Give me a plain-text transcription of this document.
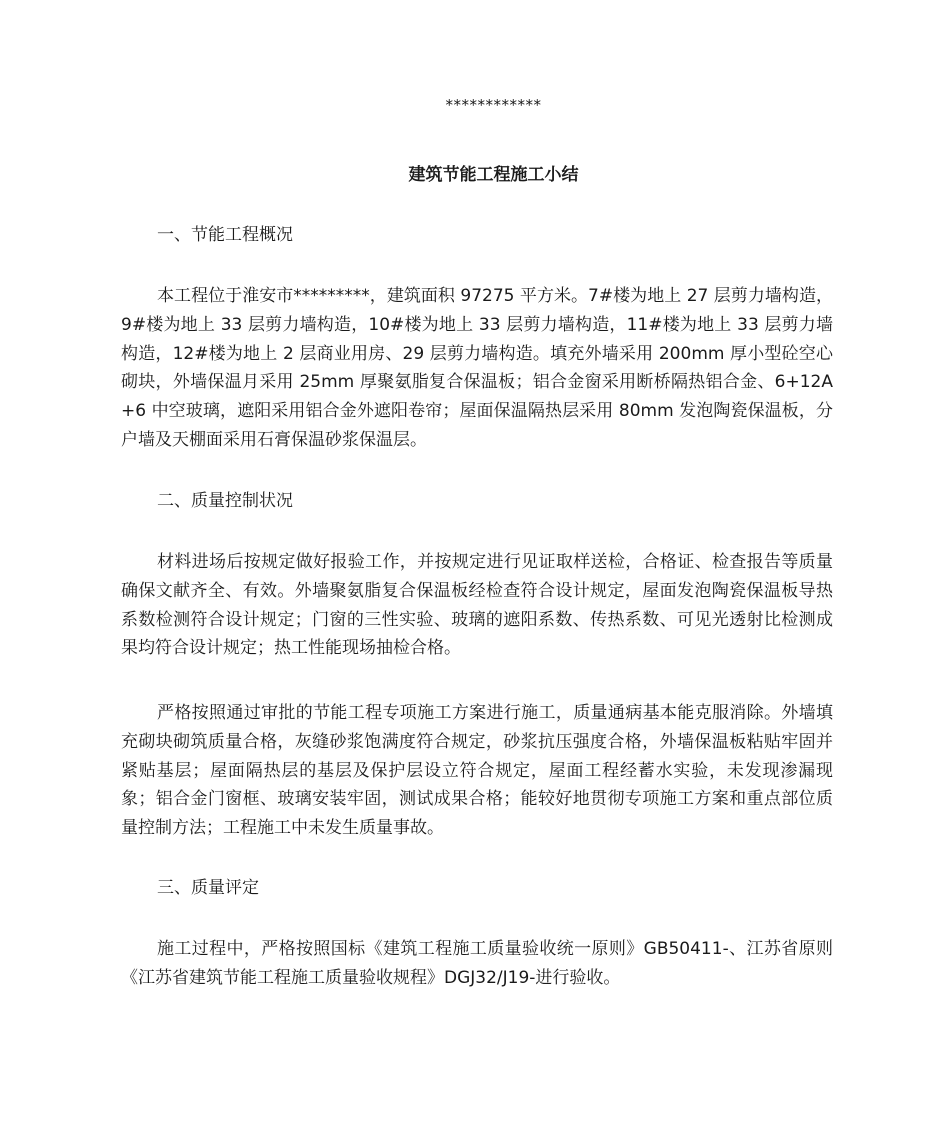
************
建筑节能工程施工小结
一、节能工程概况

本工程位于淮安市*********，建筑面积 97275 平方米。7#楼为地上 27 层剪力墙构造，9#楼为地上 33 层剪力墙构造，10#楼为地上 33 层剪力墙构造，11#楼为地上 33 层剪力墙构造，12#楼为地上 2 层商业用房、29 层剪力墙构造。填充外墙采用 200mm 厚小型砼空心砌块，外墙保温月采用 25mm 厚聚氨脂复合保温板；铝合金窗采用断桥隔热铝合金、6+12A+6 中空玻璃，遮阳采用铝合金外遮阳卷帘；屋面保温隔热层采用 80mm 发泡陶瓷保温板，分户墙及天棚面采用石膏保温砂浆保温层。

二、质量控制状况

材料进场后按规定做好报验工作，并按规定进行见证取样送检，合格证、检查报告等质量确保文献齐全、有效。外墙聚氨脂复合保温板经检查符合设计规定，屋面发泡陶瓷保温板导热系数检测符合设计规定；门窗的三性实验、玻璃的遮阳系数、传热系数、可见光透射比检测成果均符合设计规定；热工性能现场抽检合格。

严格按照通过审批的节能工程专项施工方案进行施工，质量通病基本能克服消除。外墙填充砌块砌筑质量合格，灰缝砂浆饱满度符合规定，砂浆抗压强度合格，外墙保温板粘贴牢固并紧贴基层；屋面隔热层的基层及保护层设立符合规定，屋面工程经蓄水实验，未发现渗漏现象；铝合金门窗框、玻璃安装牢固，测试成果合格；能较好地贯彻专项施工方案和重点部位质量控制方法；工程施工中未发生质量事故。

三、质量评定

施工过程中，严格按照国标《建筑工程施工质量验收统一原则》GB50411-、江苏省原则《江苏省建筑节能工程施工质量验收规程》DGJ32/J19-进行验收。
